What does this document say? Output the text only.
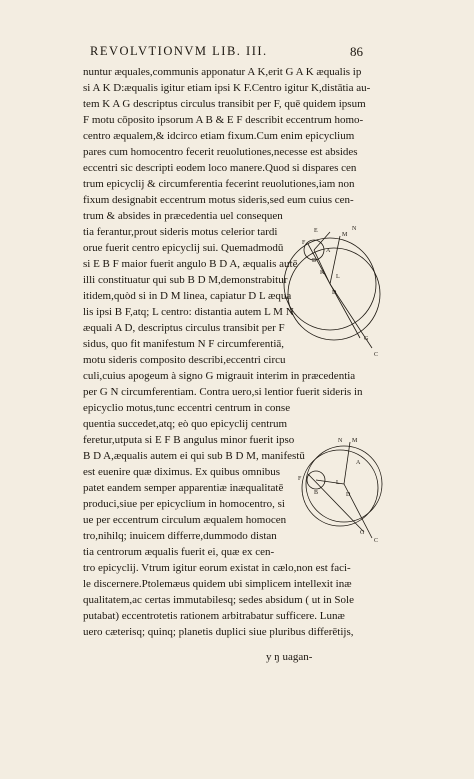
REVOLVTIONVM LIB. III.	86
nuntur æquales,communis apponatur A K,erit G A K æqualis ip
si A K D:æqualis igitur etiam ipsi K F.Centro igitur K,distātia au-
tem K A G descriptus circulus transibit per F, quē quidem ipsum
F motu cōposito ipsorum A B & E F describit eccentrum homo-
centro æqualem,& idcirco etiam fixum.Cum enim epicyclium
pares cum homocentro fecerit reuolutiones,necesse est absides
eccentri sic descripti eodem loco manere.Quod si dispares cen
trum epicyclij & circumferentia fecerint reuolutiones,iam non
fixum designabit eccentrum motus sideris,sed eum cuius cen-
trum & absides in præcedentia uel consequen
tia ferantur,prout sideris motus celerior tardi
orue fuerit centro epicyclij sui. Quemadmodū
si E B F maior fuerit angulo B D A, æqualis autē
illi constituatur qui sub B D M,demonstrabitur
itidem,quòd si in D M linea, capiatur D L æqua
lis ipsi B F,atq; L centro: distantia autem L M N
æquali A D, descriptus circulus transibit per F
sidus, quo fit manifestum N F circumferentiā,
motu sideris composito describi,eccentri circu
culi,cuius apogeum à signo G migrauit interim in præcedentia
per G N circumferentiam. Contra uero,si lentior fuerit sideris in
epicyclio motus,tunc eccentri centrum in conse
quentia succedet,atq; eò quo epicyclij centrum
feretur,utputa si E F B angulus minor fuerit ipso
B D A,æqualis autem ei qui sub B D M, manifestū
est euenire quæ diximus. Ex quibus omnibus
patet eandem semper apparentiæ inæqualitatē
produci,siue per epicyclium in homocentro, si
ue per eccentrum circulum æqualem homocen
tro,nihilq; inuicem differre,dummodo distan
tia centrorum æqualis fuerit ei, quæ ex cen-
tro epicyclij. Vtrum igitur eorum existat in cælo,non est faci-
le discernere.Ptolemæus quidem ubi simplicem intellexit inæ
qualitatem,ac certas immutabilesq; sedes absidum ( ut in Sole
putabat) eccentrotetis rationem arbitrabatur sufficere. Lunæ
uero cæterisq; quinq; planetis duplici siue pluribus differētijs,
y ŋ uagan-
E	N
F
M
A
B
K
L
D
G
C
N M
A
F
B
L
D
G
C
